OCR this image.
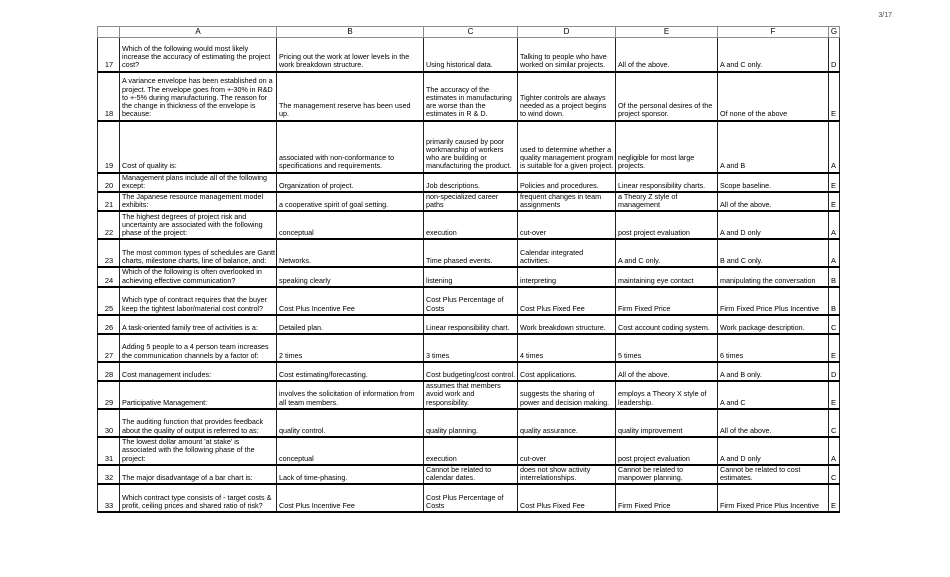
3/17
	A	B	C	D	E	F	G
17	Which of the following would most likely increase the accuracy of estimating the project cost?	Pricing out the work at lower levels in the work breakdown structure.	Using historical data.	Talking to people who have worked on similar projects.	All of the above.	A and C only.	D
18	A variance envelope has been established on a project. The envelope goes from +-30% in R&D to +-5% during manufacturing. The reason for the change in thickness of the envelope is because:	The management reserve has been used up.	The accuracy of the estimates in manufacturing are worse than the estimates in R & D.	Tighter controls are always needed as a project begins to wind down.	Of the personal desires of the project sponsor.	Of none of the above	E
19	Cost of quality is:	associated with non-conformance to specifications and requirements.	primarily caused by poor workmanship of workers who are building or manufacturing the product.	used to determine whether a quality management program is suitable for a given project.	negligible for most large projects.	A and B	A
20	Management plans include all of the following except:	Organization of project.	Job descriptions.	Policies and procedures.	Linear responsibility charts.	Scope baseline.	E
21	The Japanese resource management model exhibits:	a cooperative spirit of goal setting.	non-specialized career paths	frequent changes in team assignments	a Theory Z style of management	All of the above.	E
22	The highest degrees of project risk and uncertainty are associated with the following phase of the project:	conceptual	execution	cut-over	post project evaluation	A and D only	A
23	The most common types of schedules are Gantt charts, milestone charts, line of balance, and:	Networks.	Time phased events.	Calendar integrated activities.	A and C only.	B and C only.	A
24	Which of the following is often overlooked in achieving effective communication?	speaking clearly	listening	interpreting	maintaining eye contact	manipulating the conversation	B
25	Which type of contract requires that the buyer keep the tightest labor/material cost control?	Cost Plus Incentive Fee	Cost Plus Percentage of Costs	Cost Plus Fixed Fee	Firm Fixed Price	Firm Fixed Price Plus Incentive	B
26	A task-oriented family tree of activities is a:	Detailed plan.	Linear responsibility chart.	Work breakdown structure.	Cost account coding system.	Work package description.	C
27	Adding 5 people to a 4 person team increases the communication channels by a factor of:	2 times	3 times	4 times	5 times	6 times	E
28	Cost management includes:	Cost estimating/forecasting.	Cost budgeting/cost control.	Cost applications.	All of the above.	A and B only.	D
29	Participative Management:	involves the solicitation of information from all team members.	assumes that members avoid work and responsibility.	suggests the sharing of power and decision making.	employs a Theory X style of leadership.	A and C	E
30	The auditing function that provides feedback about the quality of output is referred to as:	quality control.	quality planning.	quality assurance.	quality improvement	All of the above.	C
31	The lowest dollar amount 'at stake' is associated with the following phase of the project:	conceptual	execution	cut-over	post project evaluation	A and D only	A
32	The major disadvantage of a bar chart is:	Lack of time-phasing.	Cannot be related to calendar dates.	does not show activity interrelationships.	Cannot be related to manpower planning.	Cannot be related to cost estimates.	C
33	Which contract type consists of - target costs & profit, ceiling prices and shared ratio of risk?	Cost Plus Incentive Fee	Cost Plus Percentage of Costs	Cost Plus Fixed Fee	Firm Fixed Price	Firm Fixed Price Plus Incentive	E
